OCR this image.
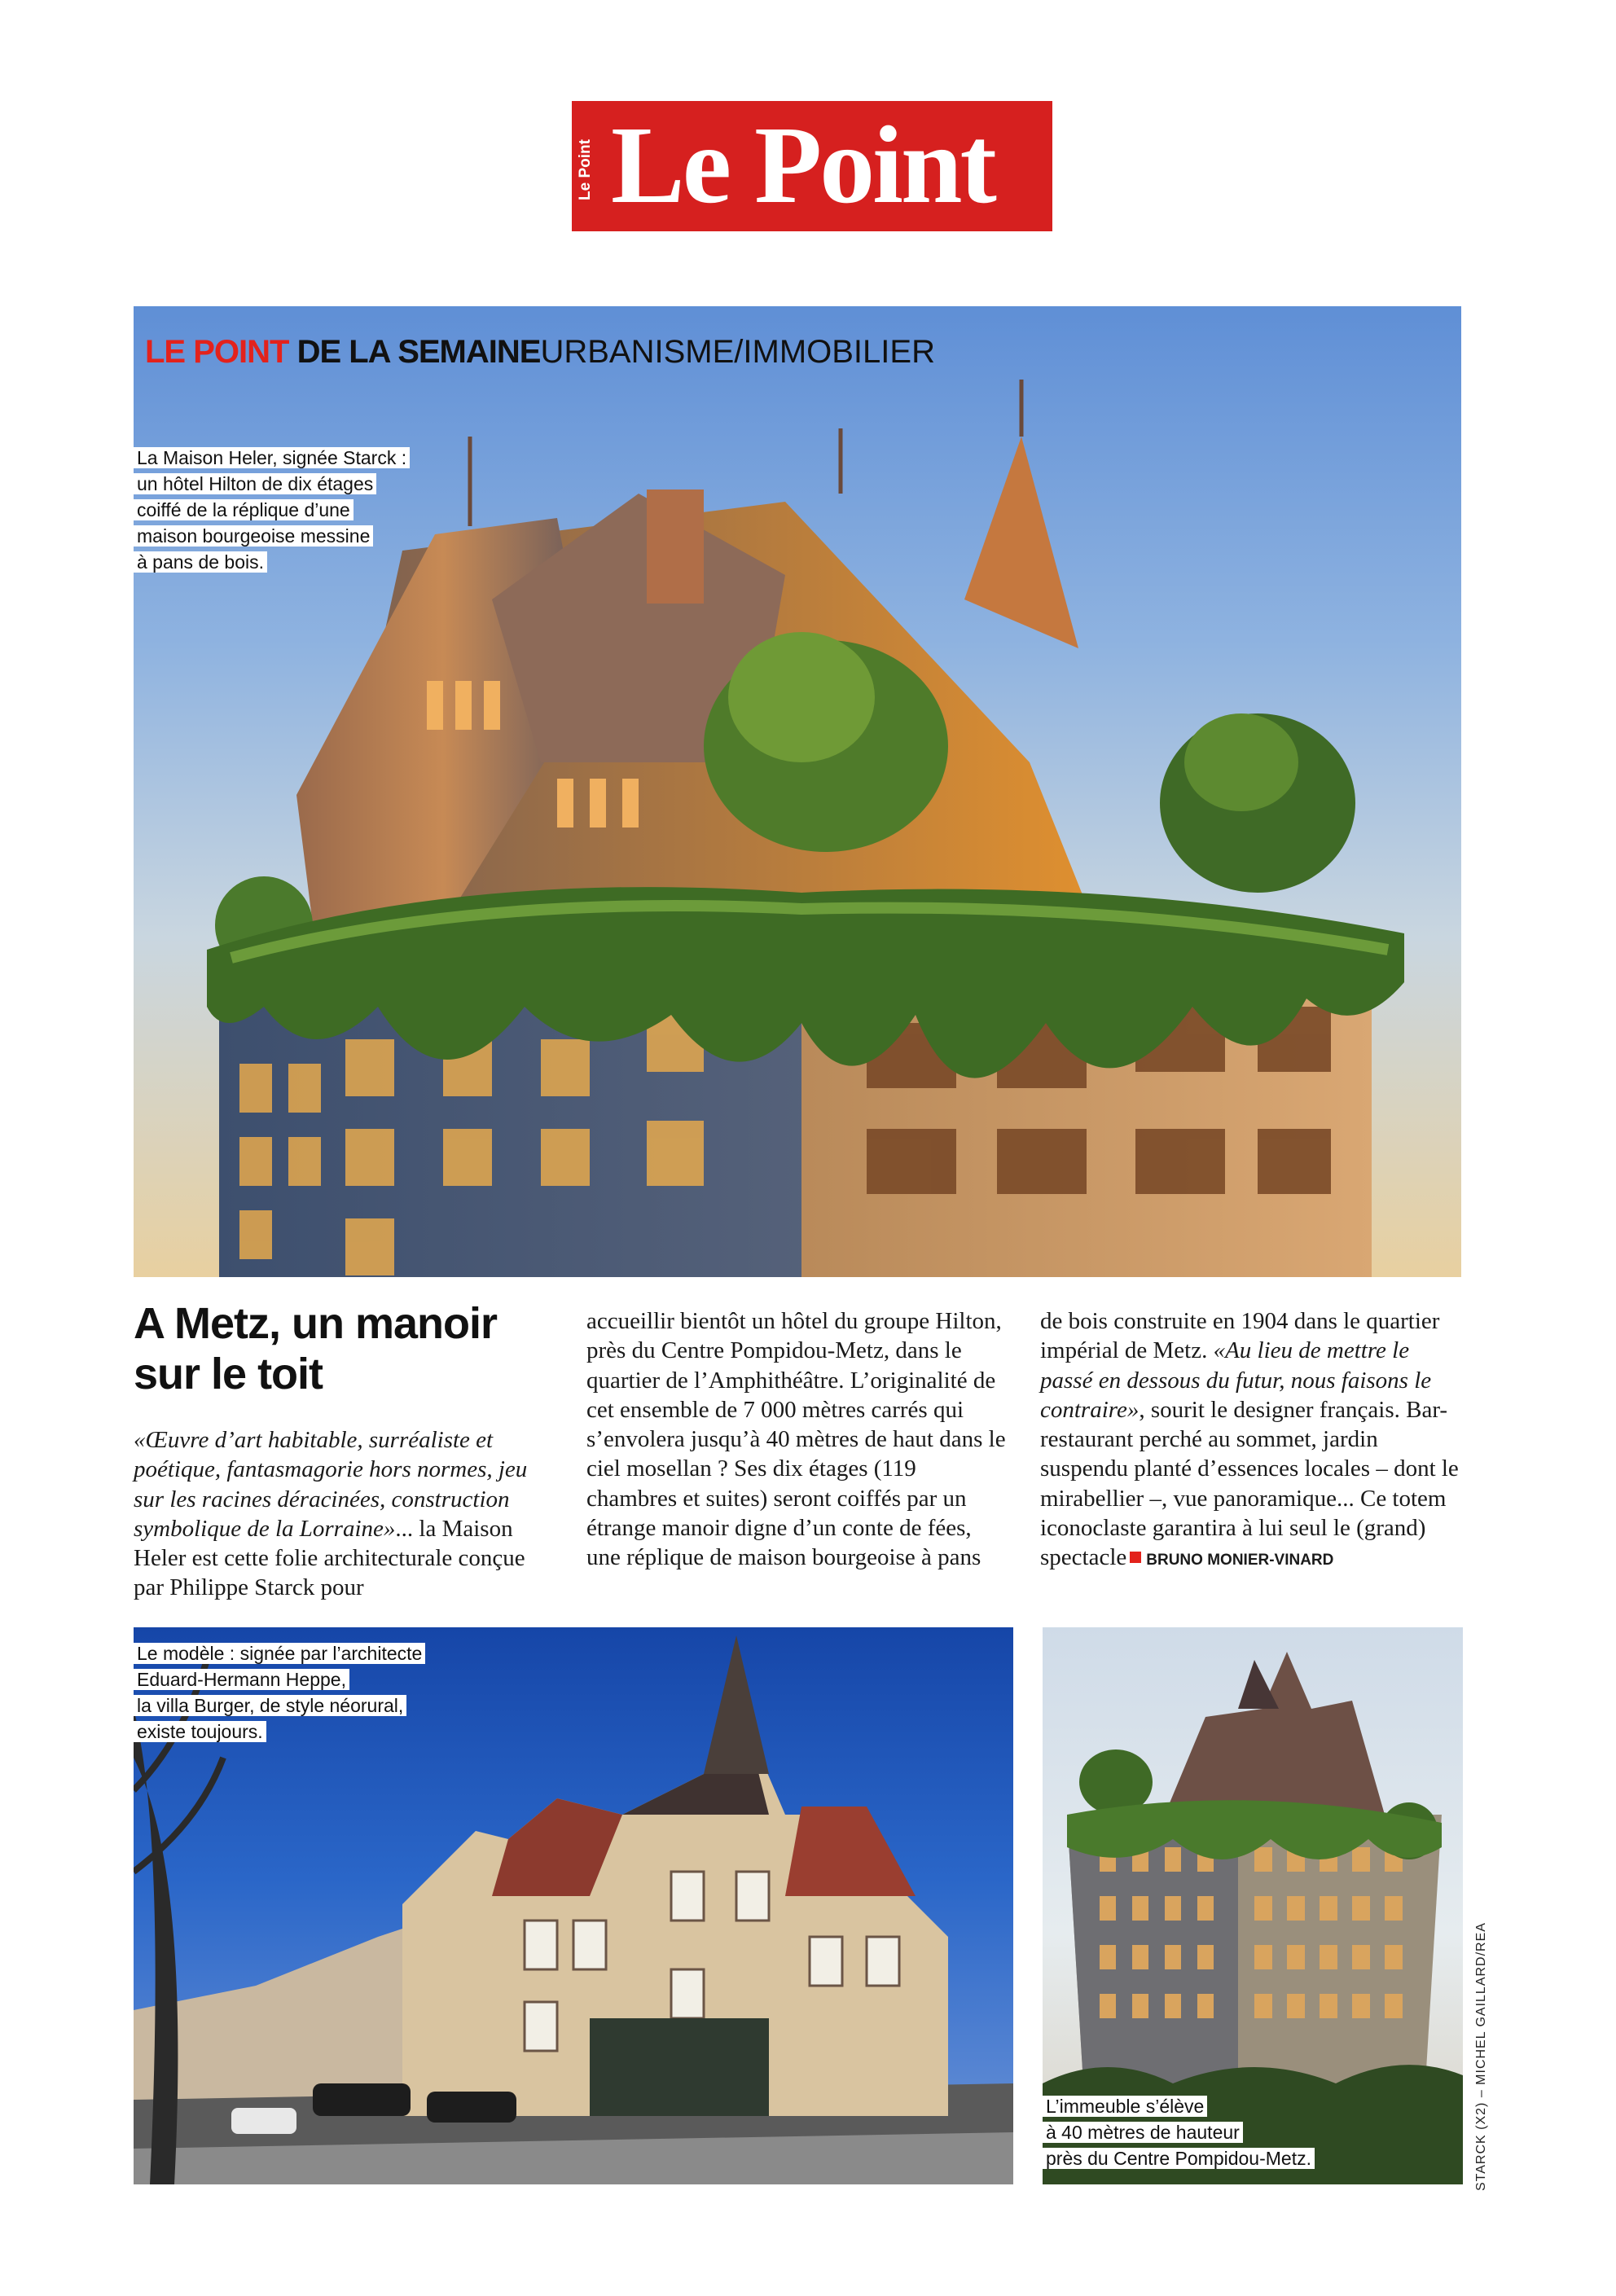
Le Point Le Point
LE POINT DE LA SEMAINEURBANISME/IMMOBILIER
La Maison Heler, signée Starck :
un hôtel Hilton de dix étages
coiffé de la réplique d’une
maison bourgeoise messine
à pans de bois.
A Metz, un manoir sur le toit
«Œuvre d’art habitable, surréaliste et poétique, fantasmagorie hors normes, jeu sur les racines déracinées, construction symbolique de la Lorraine»... la Maison Heler est cette folie architecturale conçue par Philippe Starck pour
accueillir bientôt un hôtel du groupe Hilton, près du Centre Pompidou-Metz, dans le quartier de l’Amphithéâtre. L’originalité de cet ensemble de 7 000 mètres carrés qui s’envolera jusqu’à 40 mètres de haut dans le ciel mosellan ? Ses dix étages (119 chambres et suites) seront coiffés par un étrange manoir digne d’un conte de fées, une réplique de maison bourgeoise à pans
de bois construite en 1904 dans le quartier impérial de Metz. «Au lieu de mettre le passé en dessous du futur, nous faisons le contraire», sourit le designer français. Bar-restaurant perché au sommet, jardin suspendu planté d’essences locales – dont le mirabellier –, vue panoramique... Ce totem iconoclaste garantira à lui seul le (grand) spectacle BRUNO MONIER-VINARD
Le modèle : signée par l’architecte
Eduard-Hermann Heppe,
la villa Burger, de style néorural,
existe toujours.
L’immeuble s’élève
à 40 mètres de hauteur
près du Centre Pompidou-Metz.	STARCK (X2) – MICHEL GAILLARD/REA
